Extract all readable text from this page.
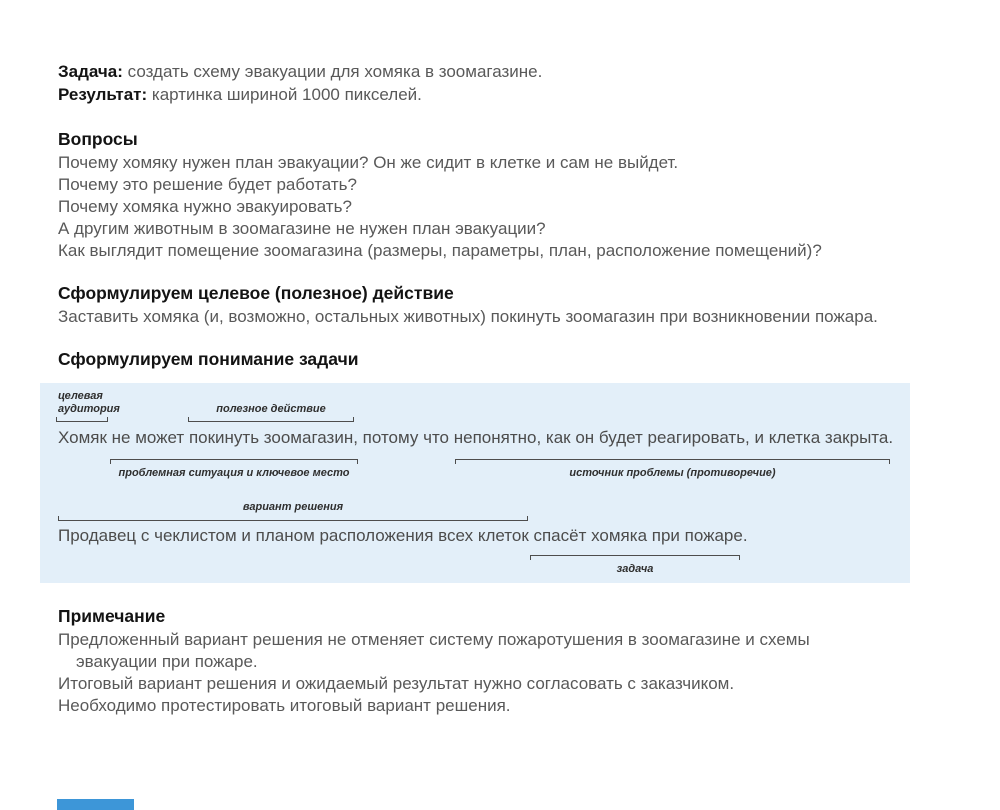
Задача: создать схему эвакуации для хомяка в зоомагазине.
Результат: картинка шириной 1000 пикселей.
Вопросы
Почему хомяку нужен план эвакуации? Он же сидит в клетке и сам не выйдет.
Почему это решение будет работать?
Почему хомяка нужно эвакуировать?
А другим животным в зоомагазине не нужен план эвакуации?
Как выглядит помещение зоомагазина (размеры, параметры, план, расположение помещений)?
Сформулируем целевое (полезное) действие
Заставить хомяка (и, возможно, остальных животных) покинуть зоомагазин при возникновении пожара.
Сформулируем понимание задачи
целевая аудитория	полезное действие
Хомяк не может покинуть зоомагазин, потому что непонятно, как он будет реагировать, и клетка закрыта.
проблемная ситуация и ключевое место	источник проблемы (противоречие)
вариант решения
Продавец с чеклистом и планом расположения всех клеток спасёт хомяка при пожаре.
задача
Примечание
Предложенный вариант решения не отменяет систему пожаротушения в зоомагазине и схемы
эвакуации при пожаре.
Итоговый вариант решения и ожидаемый результат нужно согласовать с заказчиком.
Необходимо протестировать итоговый вариант решения.
